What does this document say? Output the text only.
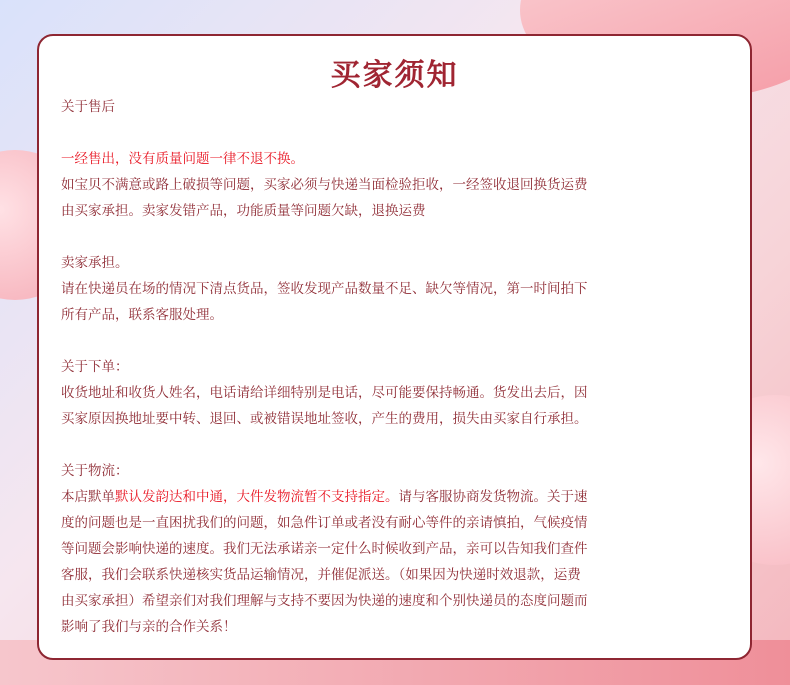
买家须知

关于售后

一经售出，没有质量问题一律不退不换。

如宝贝不满意或路上破损等问题，买家必须与快递当面检验拒收，一经签收退回换货运费

由买家承担。卖家发错产品，功能质量等问题欠缺，退换运费

卖家承担。

请在快递员在场的情况下清点货品，签收发现产品数量不足、缺欠等情况，第一时间拍下

所有产品，联系客服处理。

关于下单：

收货地址和收货人姓名，电话请给详细特别是电话，尽可能要保持畅通。货发出去后，因

买家原因换地址要中转、退回、或被错误地址签收，产生的费用，损失由买家自行承担。

关于物流：

本店默单默认发韵达和中通，大件发物流暂不支持指定。请与客服协商发货物流。关于速

度的问题也是一直困扰我们的问题，如急件订单或者没有耐心等件的亲请慎拍，气候疫情

等问题会影响快递的速度。我们无法承诺亲一定什么时候收到产品，亲可以告知我们查件

客服，我们会联系快递核实货品运输情况，并催促派送。（如果因为快递时效退款，运费

由买家承担）希望亲们对我们理解与支持不要因为快递的速度和个别快递员的态度问题而

影响了我们与亲的合作关系！
